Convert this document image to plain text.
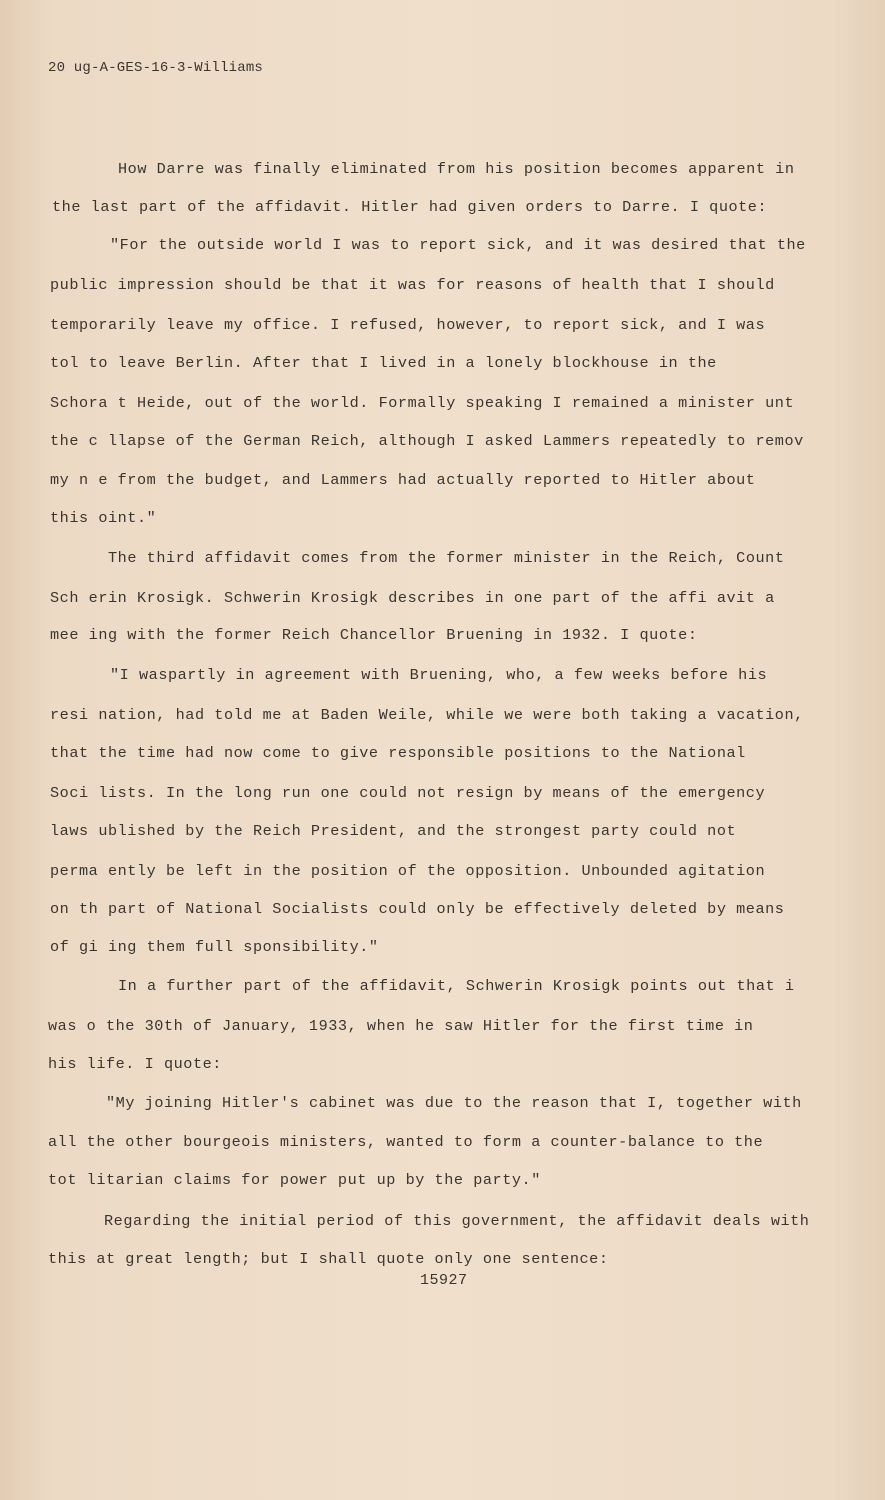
20 ug-A-GES-16-3-Williams
How Darre was finally eliminated from his position becomes apparent in
the last part of the affidavit. Hitler had given orders to Darre. I quote:
"For the outside world I was to report sick, and it was desired that the
public impression should be that it was for reasons of health that I should
temporarily leave my office. I refused, however, to report sick, and I was
tol to leave Berlin. After that I lived in a lonely blockhouse in the
Schora t Heide, out of the world. Formally speaking I remained a minister unt
the c llapse of the German Reich, although I asked Lammers repeatedly to remov
my n e from the budget, and Lammers had actually reported to Hitler about
this oint."
The third affidavit comes from the former minister in the Reich, Count
Sch erin Krosigk. Schwerin Krosigk describes in one part of the affi avit a
mee ing with the former Reich Chancellor Bruening in 1932. I quote:
"I waspartly in agreement with Bruening, who, a few weeks before his
resi nation, had told me at Baden Weile, while we were both taking a vacation,
that the time had now come to give responsible positions to the National
Soci lists. In the long run one could not resign by means of the emergency
laws ublished by the Reich President, and the strongest party could not
perma ently be left in the position of the opposition. Unbounded agitation
on th part of National Socialists could only be effectively deleted by means
of gi ing them full sponsibility."
In a further part of the affidavit, Schwerin Krosigk points out that i
was o the 30th of January, 1933, when he saw Hitler for the first time in
his life. I quote:
"My joining Hitler's cabinet was due to the reason that I, together with
all the other bourgeois ministers, wanted to form a counter-balance to the
tot litarian claims for power put up by the party."
Regarding the initial period of this government, the affidavit deals with
this at great length; but I shall quote only one sentence:
15927
